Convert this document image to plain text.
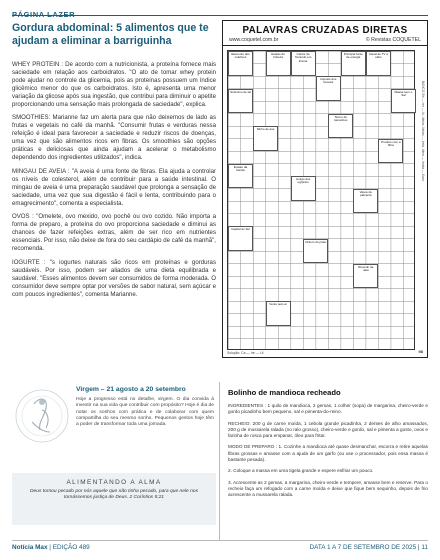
PÁGINA LAZER
Gordura abdominal: 5 alimentos que te ajudam a eliminar a barriguinha

WHEY PROTEIN : De acordo com a nutricionista, a proteína fornece mais saciedade em relação aos carboidratos. "O ato de tomar whey protein pode ajudar no controle da glicemia, pois as proteínas possuem um índice glicêmico menor do que os carboidratos. Isto é, apresenta uma menor variação da glicose após sua ingestão, que contribui para diminuir o apetite proporcionando uma sensação mais prolongada de saciedade", explica.

SMOOTHIES: Marianne faz um alerta para que não deixemos de lado as frutas e vegetais no café da manhã. "Consumir frutas e verduras nessa refeição é ideal para favorecer a saciedade e reduzir riscos de doenças, uma vez que são alimentos ricos em fibras. Os smoothies são opções práticas e deliciosas que ainda ajudam a acelerar o metabolismo dependendo dos ingredientes utilizados", indica.

MINGAU DE AVEIA : "A aveia é uma fonte de fibras. Ela ajuda a controlar os níveis de colesterol, além de contribuir para a saúde intestinal. O mingau de aveia é uma preparação saudável que prolonga a sensação de saciedade, uma vez que sua digestão é fácil e lenta, contribuindo para o emagrecimento", comenta a especialista.

OVOS : "Omelete, ovo mexido, ovo pochê ou ovo cozido. Não importa a forma de preparo, a proteína do ovo proporciona saciedade e diminui as chances de fazer refeições extras, além de ser rico em nutrientes essenciais. Por isso, não deixe de fora do seu cardápio de café da manhã", recomenda.

IOGURTE : "s iogurtes naturais são ricos em proteínas e gorduras saudáveis. Por isso, podem ser aliados de uma dieta equilibrada e saudável. "Esses alimentos devem ser consumidos de forma moderada. O consumidor deve sempre optar por versões de sabor natural, sem açúcar e com poucos ingredientes", comenta Marianne.

PALAVRAS CRUZADAS DIRETAS
www.coquetel.com.br	© Revistas COQUETEL
Elemento dos coletivos
Estado de tristeza
Cantor de Tocando em Frente
Principal fonte de energia
Canal de TV a cabo
Sinônimo de tal
Imposto dos imóveis
Massa sem o Sal
Ninho de ave
Termo de tamanhos
Produto com a fibra
Ensaio da banda
Amigo dos egípcios
Vasos de palmeira
Capital do Sul
Ordem do prato
Revestir de nata
Vento pelo ar
BANCO 3/ir — ree — lic. Ideias. Ideias — Ireta. Idem — Ireata — Kaso
Solução: Ca — Ire — Lil	98
Virgem – 21 agosto a 20 setembro
Hoje a progresso está no detalhe, virgem. O dia convida à investir na sua vida que contribuir com propósito? Hoje é dia de notar os sonhos com prática e de colaborar com quem compartilha do seu mesmo sonho. Pequenos gestos hoje têm a poder de transformar toda uma jornada.
ALIMENTANDO A ALMA
Deus tornou pecado por nós aquele que não tinha pecado, para que nele nos tornássemos justiça de Deus. 2 Coríntios 5:21
Bolinho de mandioca recheado

INGREDIENTES : 1 quilo de mandioca, 2 gemas, 1 colher (sopa) de margarina, cheiro-verde e gordo picadinho bem pequeno, sal e pimenta-do-reino.

RECHEIO: 200 g de carne moída, 1 cebola grande picadinha, 2 dentes de alho amassados, 200 g de mussarela ralada (no ralo grosso), cheiro-verde e gordo, sal e pimenta a gosto, ovos e farinha de rosca para empanar, óleo para fritar.

MODO DE PREPARO : 1. Cozinhe a mandioca até quase desmanchar, escorra e retire aquelas fibras grossas e amasse com a ajuda de um garfo (ou use o processador, pois essa massa é bastante pesada).

2. Coloque a massa em uma tigela grande e espere esfriar um pouco.

3. Acrescente as 2 gemas, a margarina, cheiro-verde e tempere, amasse bem e reserve. Para o recheio faça um refogado com a carne moída e deixe que fique bem sequinho, depois de frio acrescente a mussarela ralada.

Notícia Max | EDIÇÃO 489	DATA 1 A 7 DE SETEMBRO DE 2025 | 11
